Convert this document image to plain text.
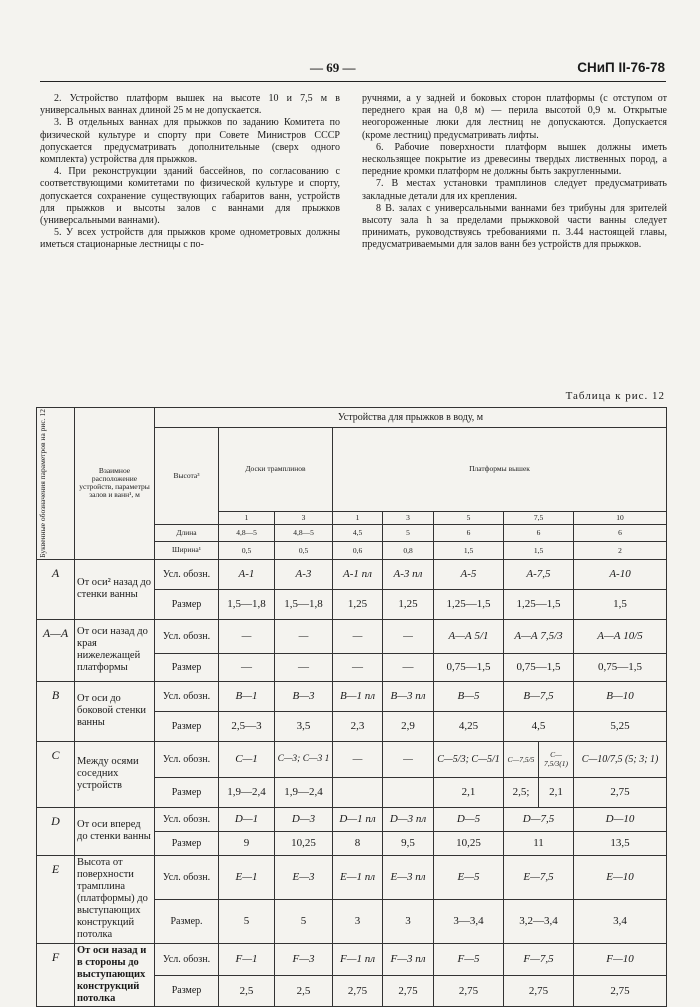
— 69 —	СНиП II-76-78

2. Устройство платформ вышек на высоте 10 и 7,5 м в универсальных ваннах длиной 25 м не допускается.

3. В отдельных ваннах для прыжков по заданию Комитета по физической культуре и спорту при Совете Министров СССР допускается предусматривать дополнительные (сверх одного комплекта) устройства для прыжков.

4. При реконструкции зданий бассейнов, по согласованию с соответствующими комитетами по физической культуре и спорту, допускается сохранение существующих габаритов ванн, устройств для прыжков и высоты залов с ваннами для прыжков (универсальными ваннами).

5. У всех устройств для прыжков кроме однометровых должны иметься стационарные лестницы с по-

ручнями, а у задней и боковых сторон платформы (с отступом от переднего края на 0,8 м) — перила высотой 0,9 м. Открытые неогороженные люки для лестниц не допускаются. Допускается (кроме лестниц) предусматривать лифты.

6. Рабочие поверхности платформ вышек должны иметь нескользящее покрытие из древесины твердых лиственных пород, а передние кромки платформ не должны быть закругленными.

7. В местах установки трамплинов следует предусматривать закладные детали для их крепления.

8 В. залах с универсальными ваннами без трибуны для зрителей высоту зала h за пределами прыжковой части ванны следует принимать, руководствуясь требованиями п. 3.44 настоящей главы, предусматриваемыми для залов ванн без устройств для прыжков.

Таблица к рис. 12
Буквенные обозначения параметров на рис. 12	Взаимное расположение устройств, параметры залов и ванн¹, м	Устройства для прыжков в воду, м								
		Высота³	Доски трамплинов		Платформы вышек					
			1	3	1	3	5	7,5		10
		Длина	4,8—5	4,8—5	4,5	5	6	6		6
		Ширина¹	0,5	0,5	0,6	0,8	1,5	1,5		2
A	От оси² назад до стенки ванны	Усл. обозн.	А-1	А-3	А-1 пл	А-3 пл	А-5	А-7,5		А-10
		Размер	1,5—1,8	1,5—1,8	1,25	1,25	1,25—1,5	1,25—1,5		1,5
А—А	От оси назад до края нижележащей платформы	Усл. обозн.	—	—	—	—	А—А 5/1	А—А 7,5/3		А—А 10/5
		Размер	—	—	—	—	0,75—1,5	0,75—1,5		0,75—1,5
В	От оси до боковой стенки ванны	Усл. обозн.	В—1	В—3	В—1 пл	В—3 пл	В—5	В—7,5		В—10
		Размер	2,5—3	3,5	2,3	2,9	4,25	4,5		5,25
С	Между осями соседних устройств	Усл. обозн.	С—1	С—3; С—3 1	—	—	С—5/3; С—5/1	С—7,5/5	С—7,5/3(1)	С—10/7,5 (5; 3; 1)
		Размер	1,9—2,4	1,9—2,4			2,1	2,5;	2,1	2,75
D	От оси вперед до стенки ванны	Усл. обозн.	D—1	D—3	D—1 пл	D—3 пл	D—5	D—7,5		D—10
		Размер	9	10,25	8	9,5	10,25	11		13,5
E	Высота от поверхности трамплина (платформы) до выступающих конструкций потолка	Усл. обозн.	Е—1	Е—3	Е—1 пл	Е—3 пл	Е—5	Е—7,5		Е—10
		Размер.	5	5	3	3	3—3,4	3,2—3,4		3,4
F	От оси назад и в стороны до выступающих конструкций потолка	Усл. обозн.	F—1	F—3	F—1 пл	F—3 пл	F—5	F—7,5		F—10
		Размер	2,5	2,5	2,75	2,75	2,75	2,75		2,75
